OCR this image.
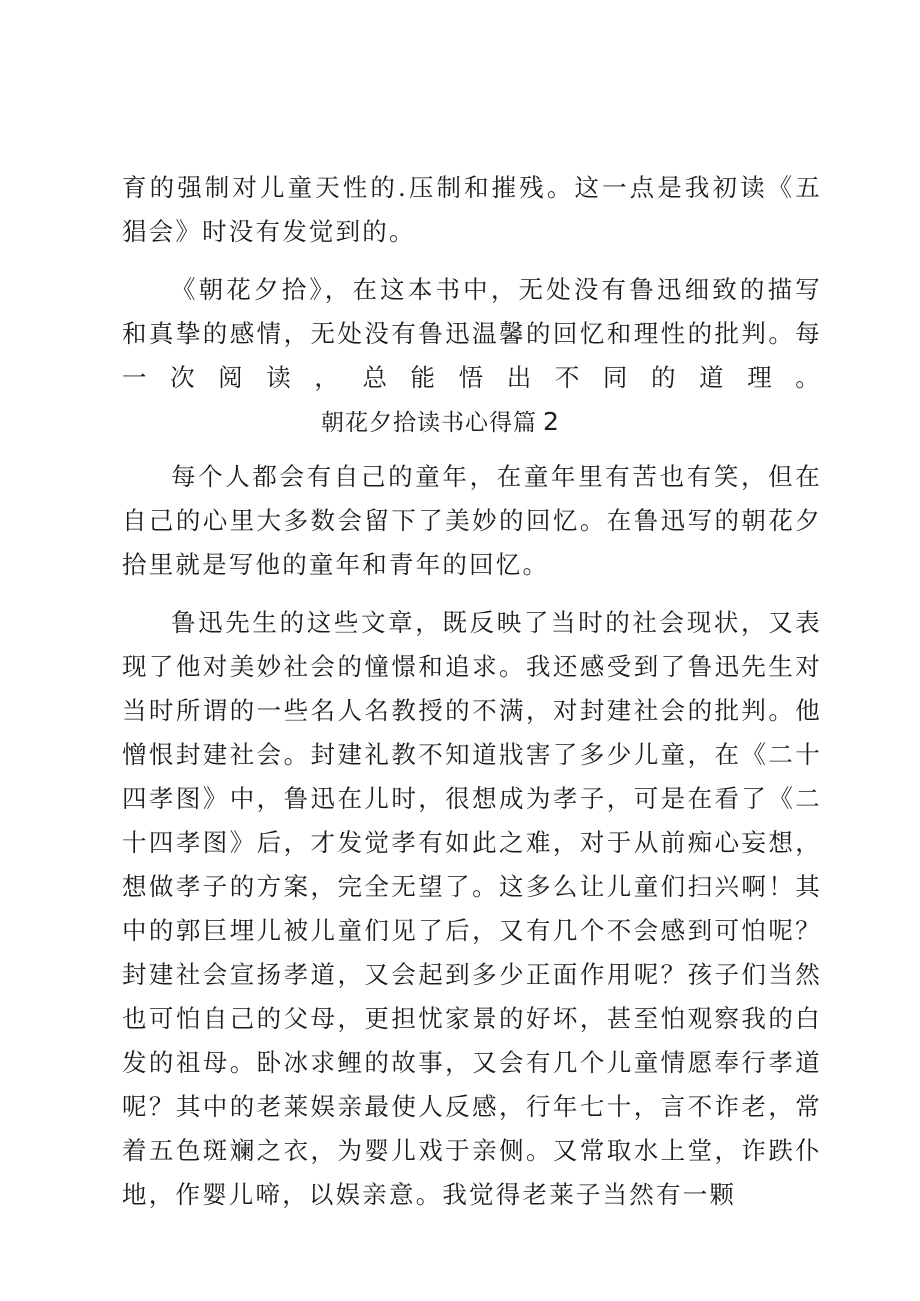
育的强制对儿童天性的.压制和摧残。这一点是我初读《五猖会》时没有发觉到的。

《朝花夕拾》，在这本书中，无处没有鲁迅细致的描写和真挚的感情，无处没有鲁迅温馨的回忆和理性的批判。每一次阅读，总能悟出不同的道理。朝花夕拾读书心得篇 2

每个人都会有自己的童年，在童年里有苦也有笑，但在自己的心里大多数会留下了美妙的回忆。在鲁迅写的朝花夕拾里就是写他的童年和青年的回忆。

鲁迅先生的这些文章，既反映了当时的社会现状，又表现了他对美妙社会的憧憬和追求。我还感受到了鲁迅先生对当时所谓的一些名人名教授的不满，对封建社会的批判。他憎恨封建社会。封建礼教不知道戕害了多少儿童，在《二十四孝图》中，鲁迅在儿时，很想成为孝子，可是在看了《二十四孝图》后，才发觉孝有如此之难，对于从前痴心妄想，想做孝子的方案，完全无望了。这多么让儿童们扫兴啊！其中的郭巨埋儿被儿童们见了后，又有几个不会感到可怕呢？封建社会宣扬孝道，又会起到多少正面作用呢？孩子们当然也可怕自己的父母，更担忧家景的好坏，甚至怕观察我的白发的祖母。卧冰求鲤的故事，又会有几个儿童情愿奉行孝道呢？其中的老莱娱亲最使人反感，行年七十，言不诈老，常着五色斑斓之衣，为婴儿戏于亲侧。又常取水上堂，诈跌仆地，作婴儿啼，以娱亲意。我觉得老莱子当然有一颗
